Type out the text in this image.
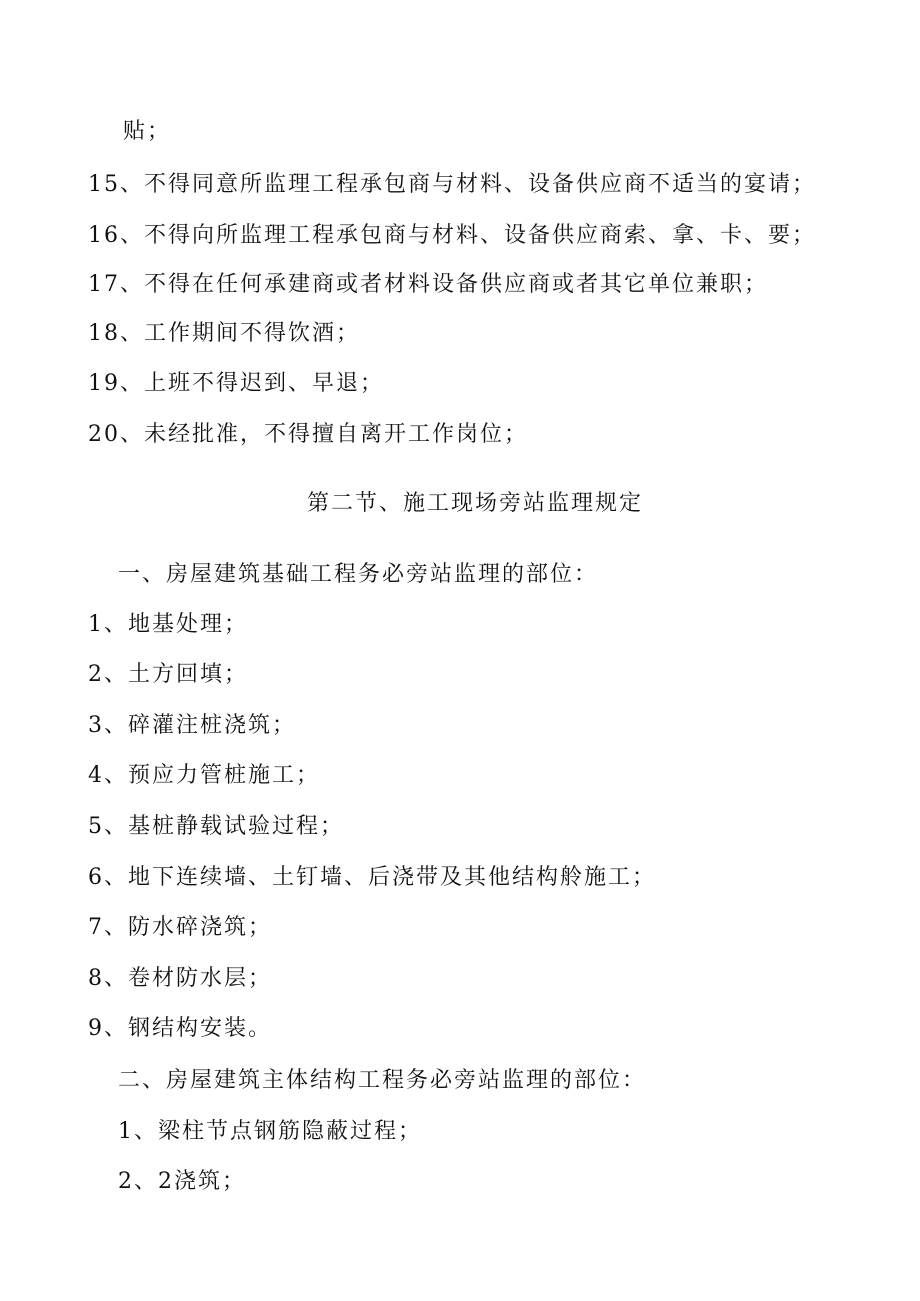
贴；
15、不得同意所监理工程承包商与材料、设备供应商不适当的宴请；
16、不得向所监理工程承包商与材料、设备供应商索、拿、卡、要；
17、不得在任何承建商或者材料设备供应商或者其它单位兼职；
18、工作期间不得饮酒；
19、上班不得迟到、早退；
20、未经批准，不得擅自离开工作岗位；
第二节、施工现场旁站监理规定
一、房屋建筑基础工程务必旁站监理的部位：
1、地基处理；
2、土方回填；
3、碎灌注桩浇筑；
4、预应力管桩施工；
5、基桩静载试验过程；
6、地下连续墙、土钉墙、后浇带及其他结构舲施工；
7、防水碎浇筑；
8、卷材防水层；
9、钢结构安装。
二、房屋建筑主体结构工程务必旁站监理的部位：
1、梁柱节点钢筋隐蔽过程；
2、2浇筑；
